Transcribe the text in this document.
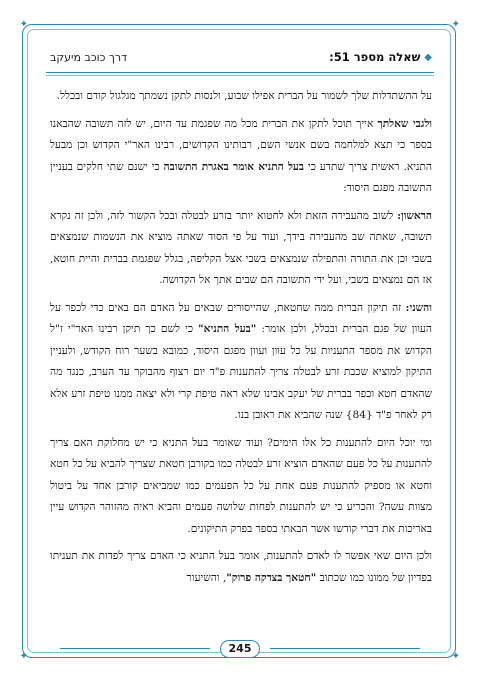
✦	✦
✦	✦
◆
שאלה מספר 51:
דרך כוכב מיעקב

על ההשתדלות שלך לשמור על הברית אפילו שבוע, ולנסות לתקן נשמתך מגלגול קודם ובכלל.

ולגבי שאלתך אייך תוכל לתקן את הברית מכל מה שפגמת עד היום, יש לזה תשובה שהבאנו בספר כי תצא למלחמה בשם אנשי השם, רבותינו הקדושים, רבינו האר"י הקדוש וכן מבעל התניא. ראשית צריך שתדע כי בעל התניא אומר באגרת התשובה כי ישנם שתי חלקים בעניין התשובה מפגם היסוד:

הראשון: לשוב מהעבירה הזאת ולא לחטוא יותר בזרע לבטלה ובכל הקשור לזה, ולכן זה נקרא תשובה, שאתה שב מהעבירה בידך, ועוד על פי הסוד שאתה מוציא את הנשמות שנמצאים בשבי וכן את התורה והתפילה שנמצאים בשבי אצל הקליפה, בגלל שפגמת בברית והיית חוטא, אז הם נמצאים בשבי, ועל ידי התשובה הם שבים אתך אל הקדושה.

והשני: זה תיקון הברית ממה שחטאת, שהייסורים שבאים על האדם הם באים כדי לכפר על העוון של פגם הברית ובכלל, ולכן אומר: "בעל התניא" כי לשם כך תיקן רבינו האר"י ז"ל הקדוש את מספר התעניות על כל עוון ועוון מפגם היסוד, כמובא בשער רוח הקודש, ולעניין התיקון למוציא שכבת זרע לבטלה צריך להתענות פ"ד יום רצוף מהבוקר עד הערב, כנגד מה שהאדם חטא וכפר בברית של יעקב אבינו שלא ראה טיפת קרי ולא יצאה ממנו טיפת זרע אלא רק לאחר פ"ד {84} שנה שהביא את ראובן בנו.

ומי יוכל היום להתענות כל אלו הימים? ועוד שאומר בעל התניא כי יש מחלוקת האם צריך להתענות על כל פעם שהאדם הוציא זרע לבטלה כמו בקורבן חטאת שצריך להביא על כל חטא וחטא או מספיק להתענות פעם אחת על כל הפעמים כמו שמביאים קורבן אחד על ביטול מצוות עשה? והכריע כי יש להתענות לפחות שלושה פעמים והביא ראיה מהזוהר הקדוש עיין באריכות את דברי קודשו אשר הבאתי בספר בפרק התיקונים.

ולכן היום שאי אפשר לו לאדם להתענות, אומר בעל התניא כי האדם צריך לפדות את תעניתו בפדיון של ממונו כמו שכתוב "חטאך בצדקה פרוק", והשיעור

245
